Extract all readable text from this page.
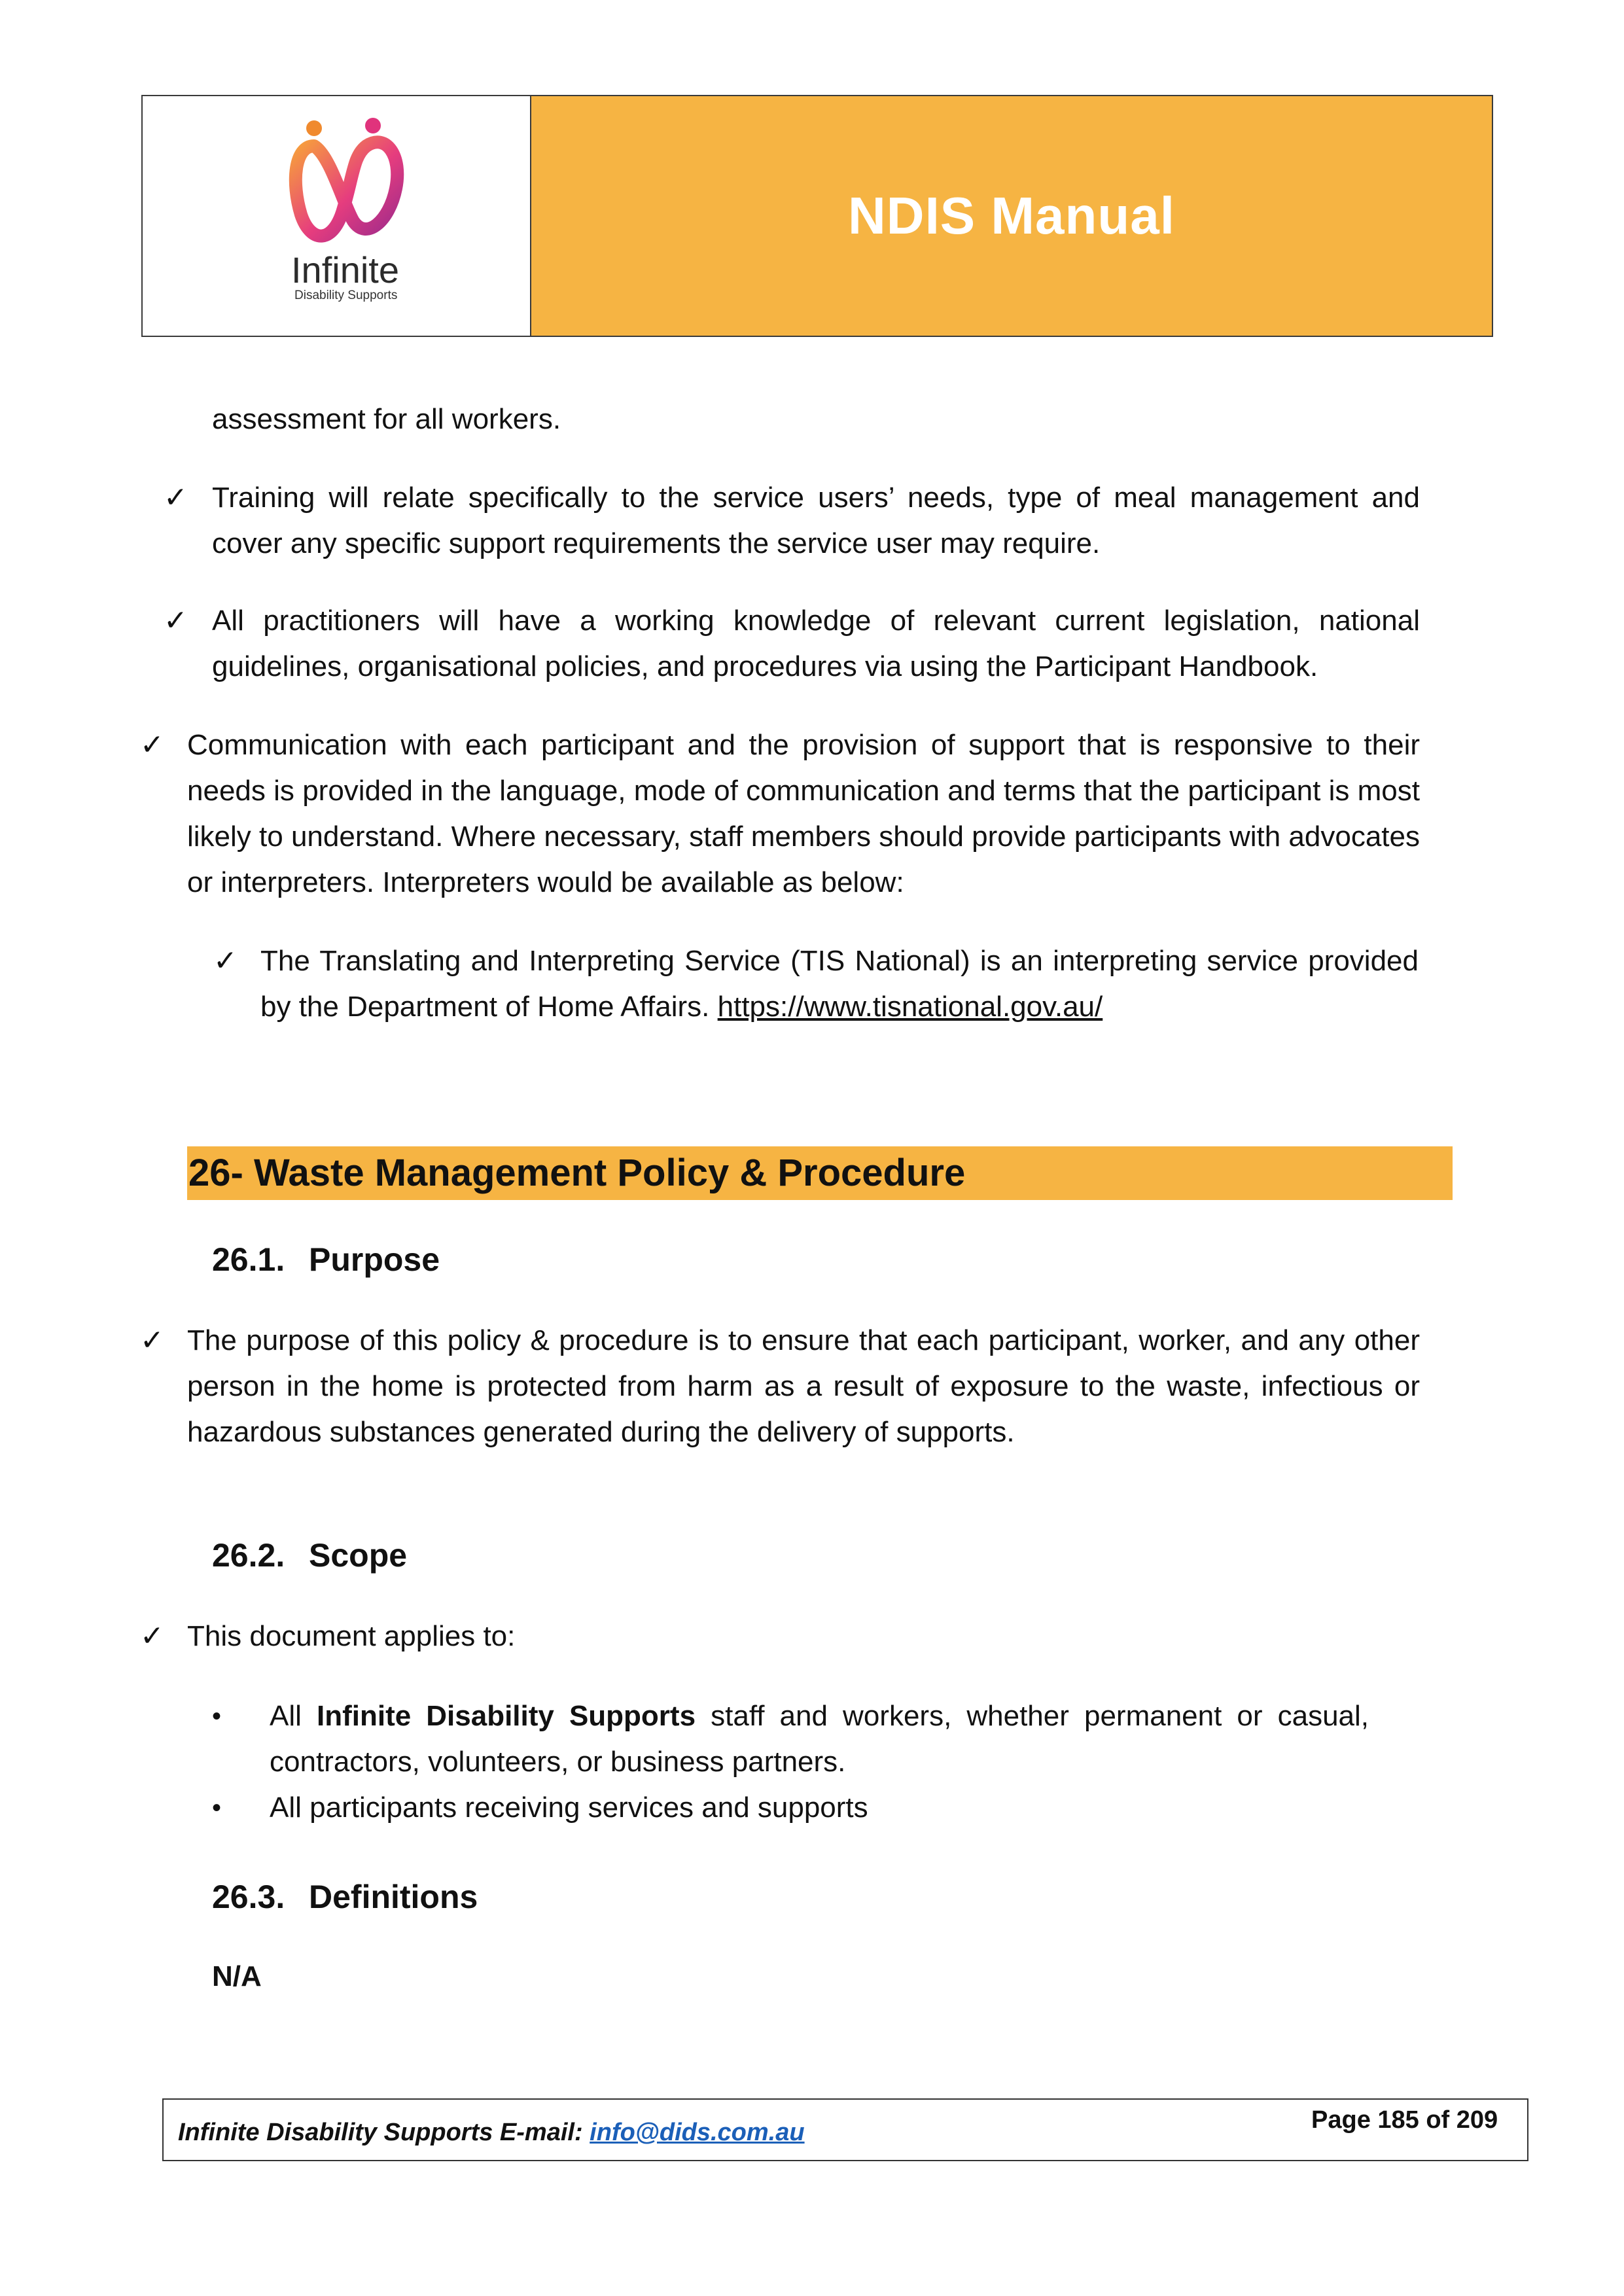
Infinite
Disability Supports
NDIS Manual
assessment for all workers.
✓ Training will relate specifically to the service users’ needs, type of meal management and cover any specific support requirements the service user may require.
✓ All practitioners will have a working knowledge of relevant current legislation, national guidelines, organisational policies, and procedures via using the Participant Handbook.
✓ Communication with each participant and the provision of support that is responsive to their needs is provided in the language, mode of communication and terms that the participant is most likely to understand. Where necessary, staff members should provide participants with advocates or interpreters. Interpreters would be available as below:
✓ The Translating and Interpreting Service (TIS National) is an interpreting service provided by the Department of Home Affairs. https://www.tisnational.gov.au/
26- Waste Management Policy & Procedure
26.1. Purpose
✓ The purpose of this policy & procedure is to ensure that each participant, worker, and any other person in the home is protected from harm as a result of exposure to the waste, infectious or hazardous substances generated during the delivery of supports.
26.2. Scope
✓ This document applies to:
• All Infinite Disability Supports staff and workers, whether permanent or casual, contractors, volunteers, or business partners.
• All participants receiving services and supports
26.3. Definitions
N/A
Infinite Disability Supports E-mail: info@dids.com.au	Page 185 of 209
